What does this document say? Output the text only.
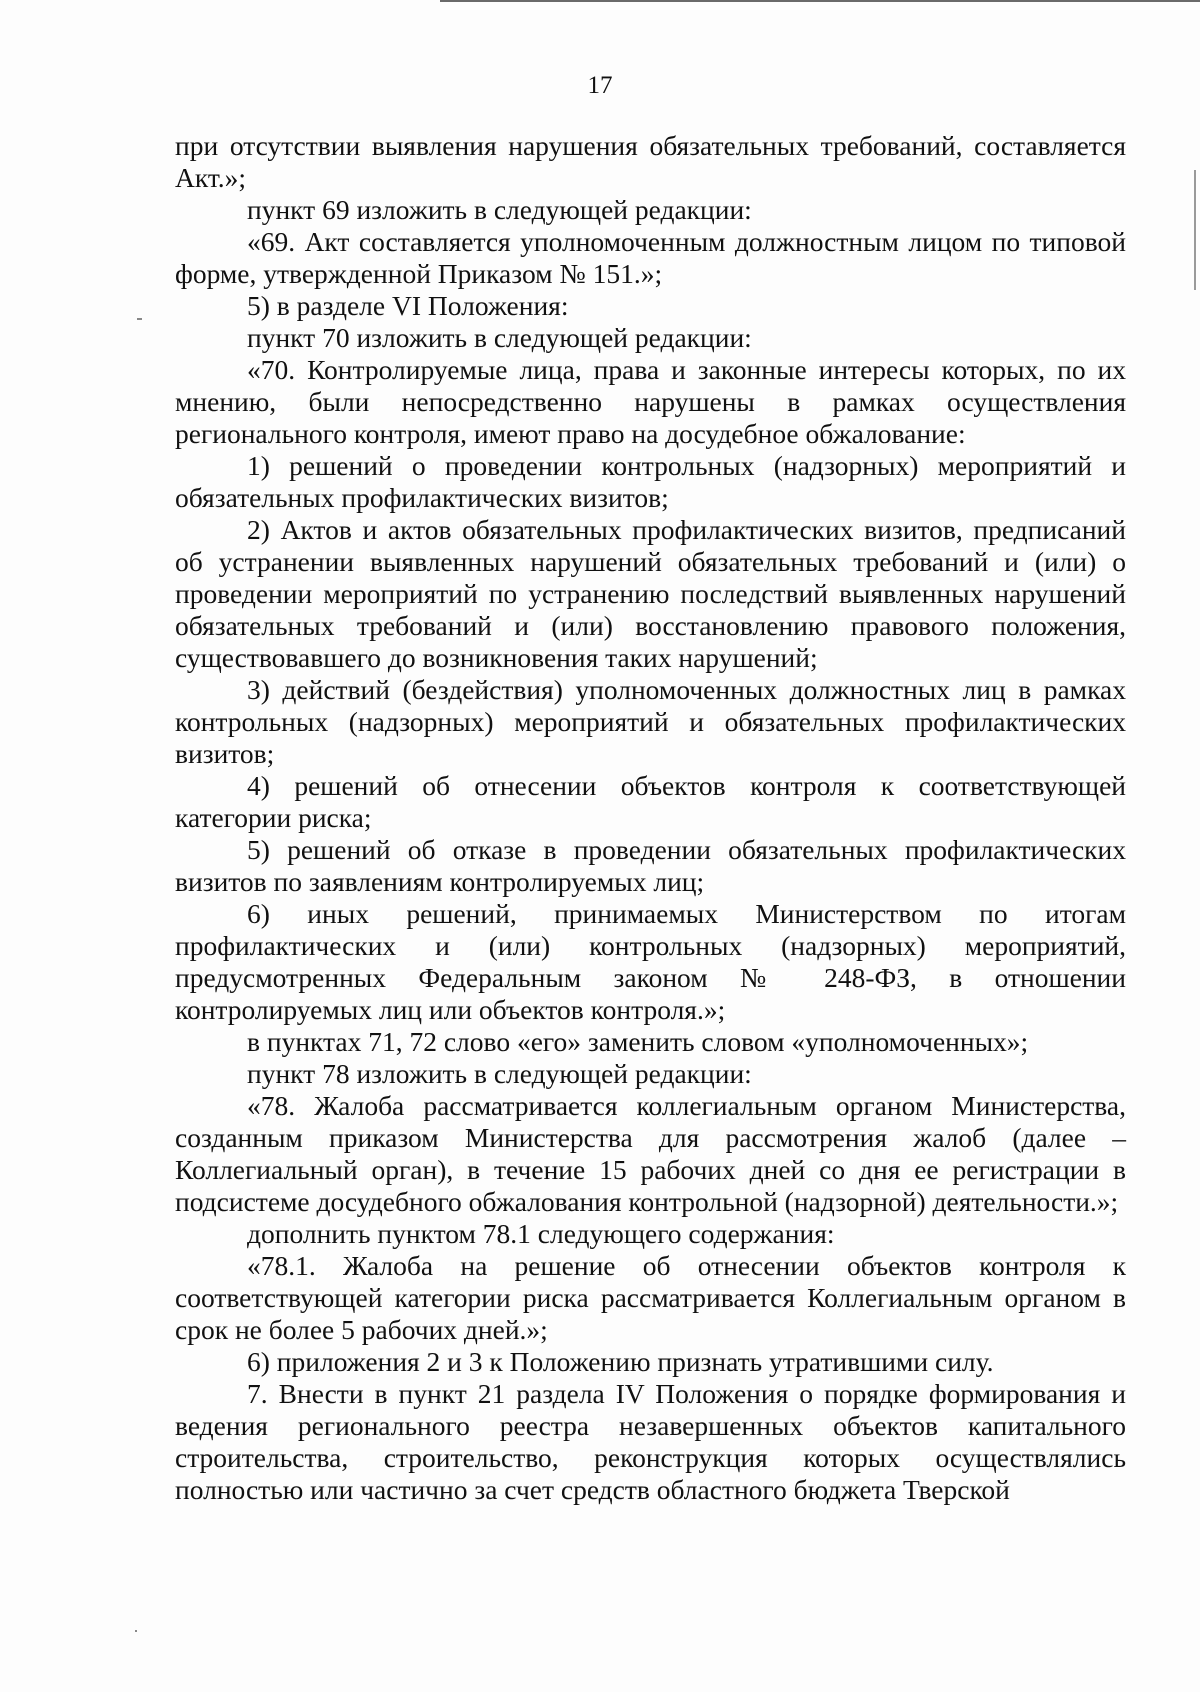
17

при отсутствии выявления нарушения обязательных требований, составляется Акт.»;

пункт 69 изложить в следующей редакции:

«69. Акт составляется уполномоченным должностным лицом по типовой форме, утвержденной Приказом № 151.»;

5) в разделе VI Положения:

пункт 70 изложить в следующей редакции:

«70. Контролируемые лица, права и законные интересы которых, по их мнению, были непосредственно нарушены в рамках осуществления регионального контроля, имеют право на досудебное обжалование:

1) решений о проведении контрольных (надзорных) мероприятий и обязательных профилактических визитов;

2) Актов и актов обязательных профилактических визитов, предписаний об устранении выявленных нарушений обязательных требований и (или) о проведении мероприятий по устранению последствий выявленных нарушений обязательных требований и (или) восстановлению правового положения, существовавшего до возникновения таких нарушений;

3) действий (бездействия) уполномоченных должностных лиц в рамках контрольных (надзорных) мероприятий и обязательных профилактических визитов;

4) решений об отнесении объектов контроля к соответствующей категории риска;

5) решений об отказе в проведении обязательных профилактических визитов по заявлениям контролируемых лиц;

6) иных решений, принимаемых Министерством по итогам профилактических и (или) контрольных (надзорных) мероприятий, предусмотренных Федеральным законом № 248-ФЗ, в отношении контролируемых лиц или объектов контроля.»;

в пунктах 71, 72 слово «его» заменить словом «уполномоченных»;

пункт 78 изложить в следующей редакции:

«78. Жалоба рассматривается коллегиальным органом Министерства, созданным приказом Министерства для рассмотрения жалоб (далее – Коллегиальный орган), в течение 15 рабочих дней со дня ее регистрации в подсистеме досудебного обжалования контрольной (надзорной) деятельности.»;

дополнить пунктом 78.1 следующего содержания:

«78.1. Жалоба на решение об отнесении объектов контроля к соответствующей категории риска рассматривается Коллегиальным органом в срок не более 5 рабочих дней.»;

6) приложения 2 и 3 к Положению признать утратившими силу.

7. Внести в пункт 21 раздела IV Положения о порядке формирования и ведения регионального реестра незавершенных объектов капитального строительства, строительство, реконструкция которых осуществлялись полностью или частично за счет средств областного бюджета Тверской
